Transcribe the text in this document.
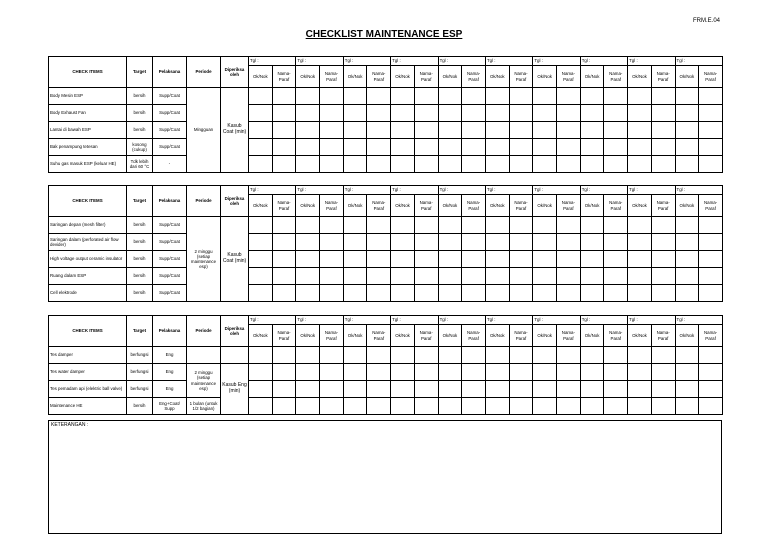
FRM.E.04
CHECKLIST MAINTENANCE ESP
CHECK ITEMS	Target	Pelaksana	Periode	Diperiksa oleh	Tgl :		Tgl :		Tgl :		Tgl :		Tgl :		Tgl :		Tgl :		Tgl :		Tgl :		Tgl :	
					Ok/Nok	Nama-Paraf	Ok/Nok	Nama-Paraf	Ok/Nok	Nama-Paraf	Ok/Nok	Nama-Paraf	Ok/Nok	Nama-Paraf	Ok/Nok	Nama-Paraf	Ok/Nok	Nama-Paraf	Ok/Nok	Nama-Paraf	Ok/Nok	Nama-Paraf	Ok/Nok	Nama-Paraf
Body Mesin ESP	bersih	Supp/Coat	Mingguan	Kasub Coat (min)																				
Body Exhaust Fan	bersih	Supp/Coat																						
Lantai di bawah ESP	bersih	Supp/Coat																						
Bak penampung tetesan	kosong (cukup)	Supp/Coat																						
Suhu gas masuk ESP (keluar HE)	Tdk lebih dari 60 °C	-																						
CHECK ITEMS	Target	Pelaksana	Periode	Diperiksa oleh	Tgl :		Tgl :		Tgl :		Tgl :		Tgl :		Tgl :		Tgl :		Tgl :		Tgl :		Tgl :	
					Ok/Nok	Nama-Paraf	Ok/Nok	Nama-Paraf	Ok/Nok	Nama-Paraf	Ok/Nok	Nama-Paraf	Ok/Nok	Nama-Paraf	Ok/Nok	Nama-Paraf	Ok/Nok	Nama-Paraf	Ok/Nok	Nama-Paraf	Ok/Nok	Nama-Paraf	Ok/Nok	Nama-Paraf
Saringan depan (mesh filter)	bersih	Supp/Coat	2 minggu (setiap maintenance esp)	Kasub Coat (min)																				
Saringan dalam (perforated air flow devider)	bersih	Supp/Coat																						
High voltage output ceramic insulator	bersih	Supp/Coat																						
Ruang dalam ESP	bersih	Supp/Coat																						
Cell elektrode	bersih	Supp/Coat																						
CHECK ITEMS	Target	Pelaksana	Periode	Diperiksa oleh	Tgl :		Tgl :		Tgl :		Tgl :		Tgl :		Tgl :		Tgl :		Tgl :		Tgl :		Tgl :	
					Ok/Nok	Nama-Paraf	Ok/Nok	Nama-Paraf	Ok/Nok	Nama-Paraf	Ok/Nok	Nama-Paraf	Ok/Nok	Nama-Paraf	Ok/Nok	Nama-Paraf	Ok/Nok	Nama-Paraf	Ok/Nok	Nama-Paraf	Ok/Nok	Nama-Paraf	Ok/Nok	Nama-Paraf
Tes damper	berfungsi	Eng																						
Tes water damper	berfungsi	Eng	2 minggu (setiap maintenance esp)	Kasub Eng (min)																				
Tes pemadam api (elektric ball valve)	berfungsi	Eng																						
Maintenance HE	bersih	Eng+Coat/ Supp	1 bulan (untuk 1/2 bagian)																					
KETERANGAN :
